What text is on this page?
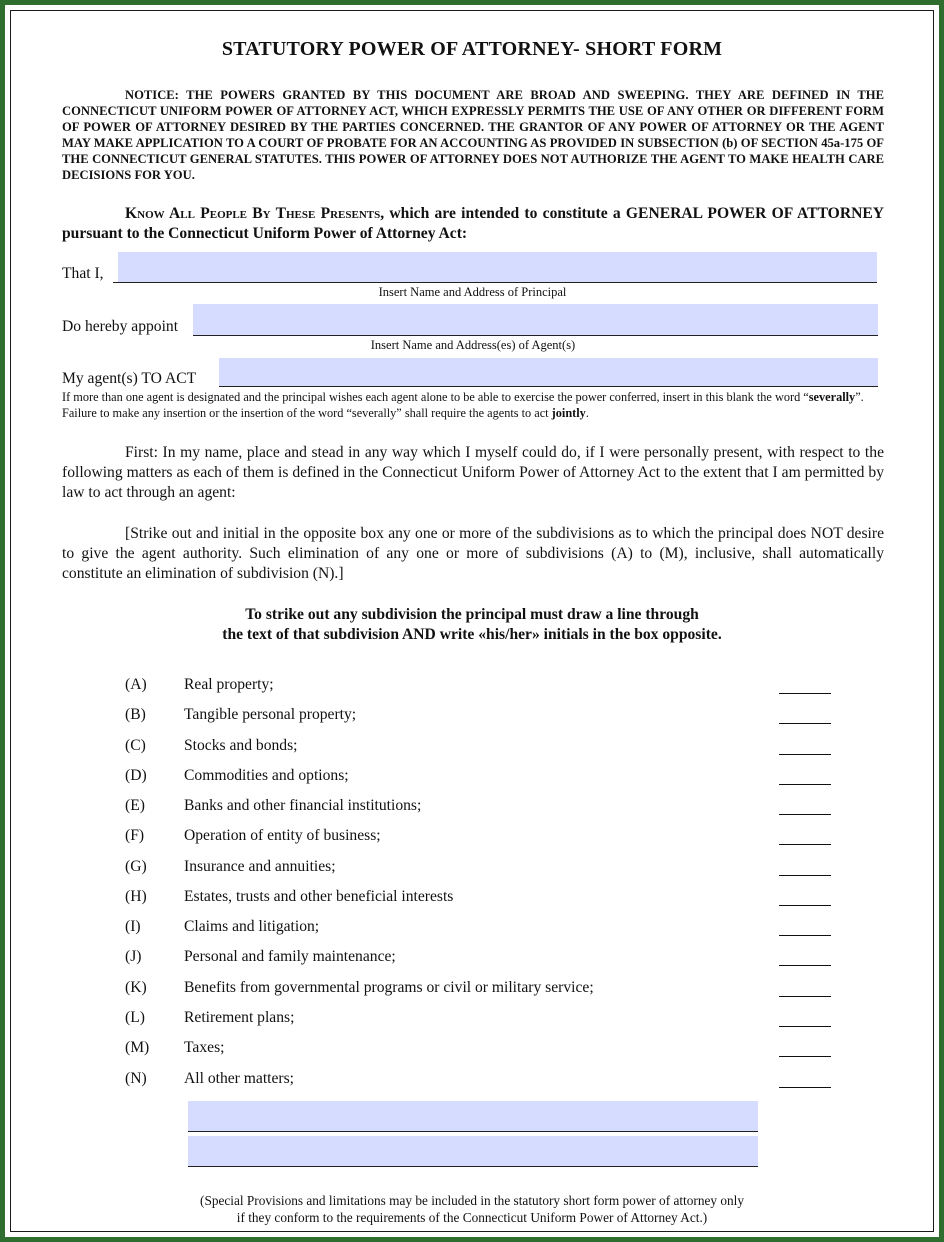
STATUTORY POWER OF ATTORNEY- SHORT FORM
NOTICE: THE POWERS GRANTED BY THIS DOCUMENT ARE BROAD AND SWEEPING. THEY ARE DEFINED IN THE CONNECTICUT UNIFORM POWER OF ATTORNEY ACT, WHICH EXPRESSLY PERMITS THE USE OF ANY OTHER OR DIFFERENT FORM OF POWER OF ATTORNEY DESIRED BY THE PARTIES CONCERNED. THE GRANTOR OF ANY POWER OF ATTORNEY OR THE AGENT MAY MAKE APPLICATION TO A COURT OF PROBATE FOR AN ACCOUNTING AS PROVIDED IN SUBSECTION (b) OF SECTION 45a-175 OF THE CONNECTICUT GENERAL STATUTES. THIS POWER OF ATTORNEY DOES NOT AUTHORIZE THE AGENT TO MAKE HEALTH CARE DECISIONS FOR YOU.
Know All People By These Presents, which are intended to constitute a GENERAL POWER OF ATTORNEY pursuant to the Connecticut Uniform Power of Attorney Act:
That I,
Insert Name and Address of Principal
Do hereby appoint
Insert Name and Address(es) of Agent(s)
My agent(s) TO ACT
If more than one agent is designated and the principal wishes each agent alone to be able to exercise the power conferred, insert in this blank the word “severally”. Failure to make any insertion or the insertion of the word “severally” shall require the agents to act jointly.
First: In my name, place and stead in any way which I myself could do, if I were personally present, with respect to the following matters as each of them is defined in the Connecticut Uniform Power of Attorney Act to the extent that I am permitted by law to act through an agent:
[Strike out and initial in the opposite box any one or more of the subdivisions as to which the principal does NOT desire to give the agent authority. Such elimination of any one or more of subdivisions (A) to (M), inclusive, shall automatically constitute an elimination of subdivision (N).]
To strike out any subdivision the principal must draw a line through
the text of that subdivision AND write «his/her» initials in the box opposite.
(A) Real property;
(B) Tangible personal property;
(C) Stocks and bonds;
(D) Commodities and options;
(E)	Banks and other financial institutions;
(F)	Operation of entity of business;
(G) Insurance and annuities;
(H) Estates, trusts and other beneficial interests
(I)	Claims and litigation;
(J)	Personal and family maintenance;
(K) Benefits from governmental programs or civil or military service;
(L)	Retirement plans;
(M) Taxes;
(N) All other matters;
(Special Provisions and limitations may be included in the statutory short form power of attorney only
if they conform to the requirements of the Connecticut Uniform Power of Attorney Act.)
